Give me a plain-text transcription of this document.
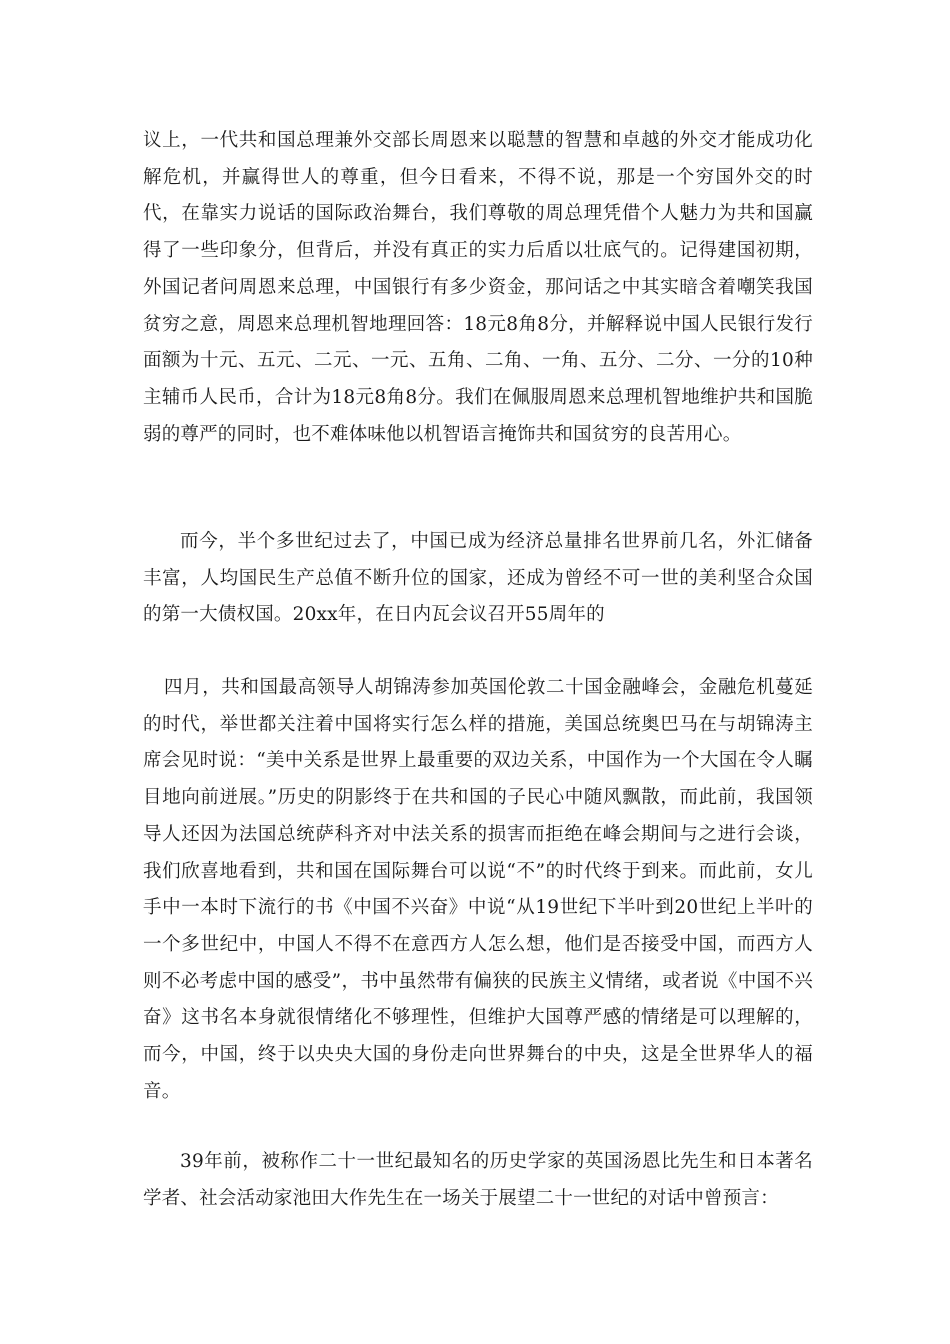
议上，一代共和国总理兼外交部长周恩来以聪慧的智慧和卓越的外交才能成功化解危机，并赢得世人的尊重，但今日看来，不得不说，那是一个穷国外交的时代，在靠实力说话的国际政治舞台，我们尊敬的周总理凭借个人魅力为共和国赢得了一些印象分，但背后，并没有真正的实力后盾以壮底气的。记得建国初期，外国记者问周恩来总理，中国银行有多少资金，那问话之中其实暗含着嘲笑我国贫穷之意，周恩来总理机智地理回答：18元8角8分，并解释说中国人民银行发行面额为十元、五元、二元、一元、五角、二角、一角、五分、二分、一分的10种主辅币人民币，合计为18元8角8分。我们在佩服周恩来总理机智地维护共和国脆弱的尊严的同时，也不难体味他以机智语言掩饰共和国贫穷的良苦用心。

而今，半个多世纪过去了，中国已成为经济总量排名世界前几名，外汇储备丰富，人均国民生产总值不断升位的国家，还成为曾经不可一世的美利坚合众国的第一大债权国。20xx年，在日内瓦会议召开55周年的

四月，共和国最高领导人胡锦涛参加英国伦敦二十国金融峰会，金融危机蔓延的时代，举世都关注着中国将实行怎么样的措施，美国总统奥巴马在与胡锦涛主席会见时说：“美中关系是世界上最重要的双边关系，中国作为一个大国在令人瞩目地向前迸展。”历史的阴影终于在共和国的子民心中随风飘散，而此前，我国领导人还因为法国总统萨科齐对中法关系的损害而拒绝在峰会期间与之进行会谈，我们欣喜地看到，共和国在国际舞台可以说“不”的时代终于到来。而此前，女儿手中一本时下流行的书《中国不兴奋》中说“从19世纪下半叶到20世纪上半叶的一个多世纪中，中国人不得不在意西方人怎么想，他们是否接受中国，而西方人则不必考虑中国的感受”，书中虽然带有偏狭的民族主义情绪，或者说《中国不兴奋》这书名本身就很情绪化不够理性，但维护大国尊严感的情绪是可以理解的，而今，中国，终于以央央大国的身份走向世界舞台的中央，这是全世界华人的福音。

39年前，被称作二十一世纪最知名的历史学家的英国汤恩比先生和日本著名学者、社会活动家池田大作先生在一场关于展望二十一世纪的对话中曾预言：
